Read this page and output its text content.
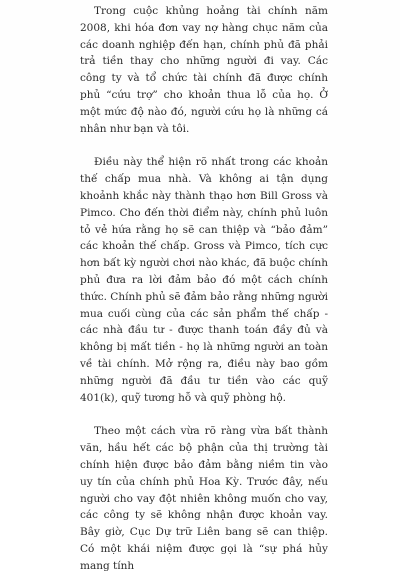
Trong cuộc khủng hoảng tài chính năm 2008, khi hóa đơn vay nợ hàng chục năm của các doanh nghiệp đến hạn, chính phủ đã phải trả tiền thay cho những người đi vay. Các công ty và tổ chức tài chính đã được chính phủ “cứu trợ” cho khoản thua lỗ của họ. Ở một mức độ nào đó, người cứu họ là những cá nhân như bạn và tôi.

Điều này thể hiện rõ nhất trong các khoản thế chấp mua nhà. Và không ai tận dụng khoảnh khắc này thành thạo hơn Bill Gross và Pimco. Cho đến thời điểm này, chính phủ luôn tỏ vẻ hứa rằng họ sẽ can thiệp và “bảo đảm” các khoản thế chấp. Gross và Pimco, tích cực hơn bất kỳ người chơi nào khác, đã buộc chính phủ đưa ra lời đảm bảo đó một cách chính thức. Chính phủ sẽ đảm bảo rằng những người mua cuối cùng của các sản phẩm thế chấp - các nhà đầu tư - được thanh toán đầy đủ và không bị mất tiền - họ là những người an toàn về tài chính. Mở rộng ra, điều này bao gồm những người đã đầu tư tiền vào các quỹ 401(k), quỹ tương hỗ và quỹ phòng hộ.

Theo một cách vừa rõ ràng vừa bất thành văn, hầu hết các bộ phận của thị trường tài chính hiện được bảo đảm bằng niềm tin vào uy tín của chính phủ Hoa Kỳ. Trước đây, nếu người cho vay đột nhiên không muốn cho vay, các công ty sẽ không nhận được khoản vay. Bây giờ, Cục Dự trữ Liên bang sẽ can thiệp. Có một khái niệm được gọi là “sự phá hủy mang tính
